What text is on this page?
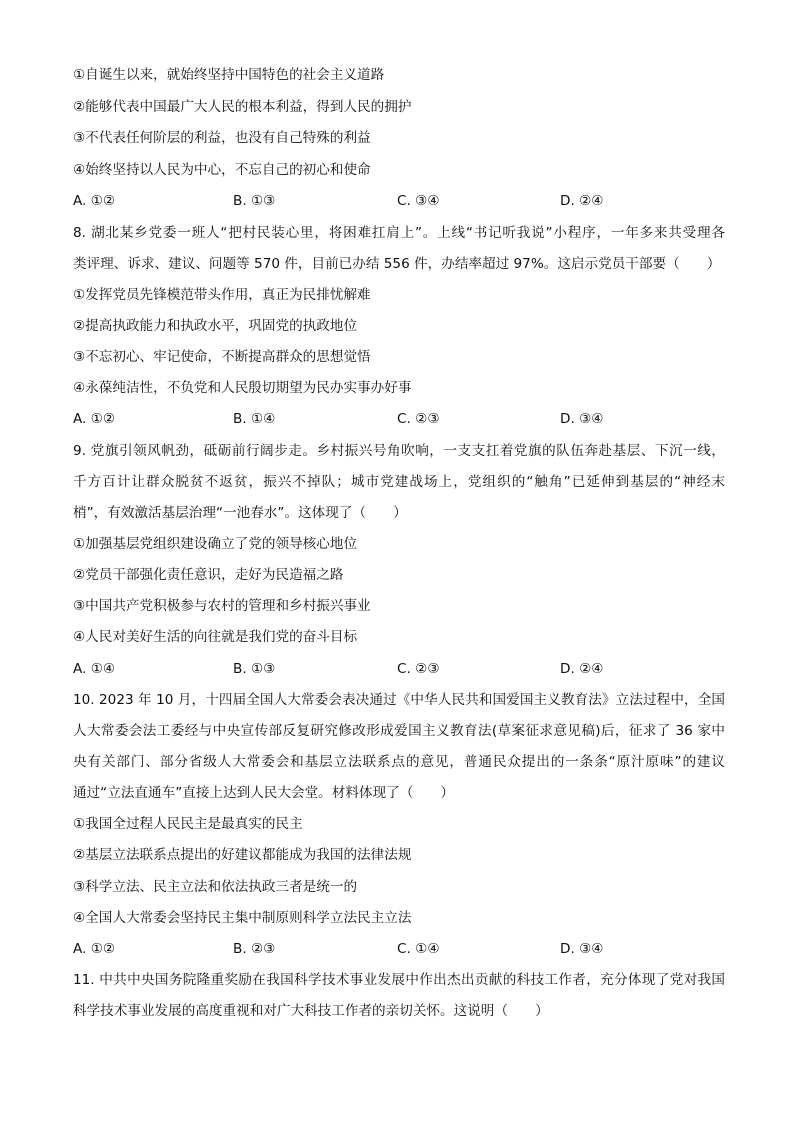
①自诞生以来，就始终坚持中国特色的社会主义道路
②能够代表中国最广大人民的根本利益，得到人民的拥护
③不代表任何阶层的利益，也没有自己特殊的利益
④始终坚持以人民为中心，不忘自己的初心和使命
A. ①②	B. ①③	C. ③④	D. ②④
8. 湖北某乡党委一班人“把村民装心里，将困难扛肩上”。上线“书记听我说”小程序，一年多来共受理各
类评理、诉求、建议、问题等 570 件，目前已办结 556 件，办结率超过 97%。这启示党员干部要（　　）
①发挥党员先锋模范带头作用，真正为民排忧解难
②提高执政能力和执政水平，巩固党的执政地位
③不忘初心、牢记使命，不断提高群众的思想觉悟
④永葆纯洁性，不负党和人民殷切期望为民办实事办好事
A. ①②	B. ①④	C. ②③	D. ③④
9. 党旗引领风帆劲，砥砺前行阔步走。乡村振兴号角吹响，一支支扛着党旗的队伍奔赴基层、下沉一线，
千方百计让群众脱贫不返贫，振兴不掉队；城市党建战场上，党组织的“触角”已延伸到基层的“神经末
梢”，有效激活基层治理“一池春水”。这体现了（　　）
①加强基层党组织建设确立了党的领导核心地位
②党员干部强化责任意识，走好为民造福之路
③中国共产党积极参与农村的管理和乡村振兴事业
④人民对美好生活的向往就是我们党的奋斗目标
A. ①④	B. ①③	C. ②③	D. ②④
10. 2023 年 10 月，十四届全国人大常委会表决通过《中华人民共和国爱国主义教育法》立法过程中，全国
人大常委会法工委经与中央宣传部反复研究修改形成爱国主义教育法(草案征求意见稿)后，征求了 36 家中
央有关部门、部分省级人大常委会和基层立法联系点的意见，普通民众提出的一条条“原汁原味”的建议
通过“立法直通车”直接上达到人民大会堂。材料体现了（　　）
①我国全过程人民民主是最真实的民主
②基层立法联系点提出的好建议都能成为我国的法律法规
③科学立法、民主立法和依法执政三者是统一的
④全国人大常委会坚持民主集中制原则科学立法民主立法
A. ①②	B. ②③	C. ①④	D. ③④
11. 中共中央国务院隆重奖励在我国科学技术事业发展中作出杰出贡献的科技工作者，充分体现了党对我国
科学技术事业发展的高度重视和对广大科技工作者的亲切关怀。这说明（　　）
